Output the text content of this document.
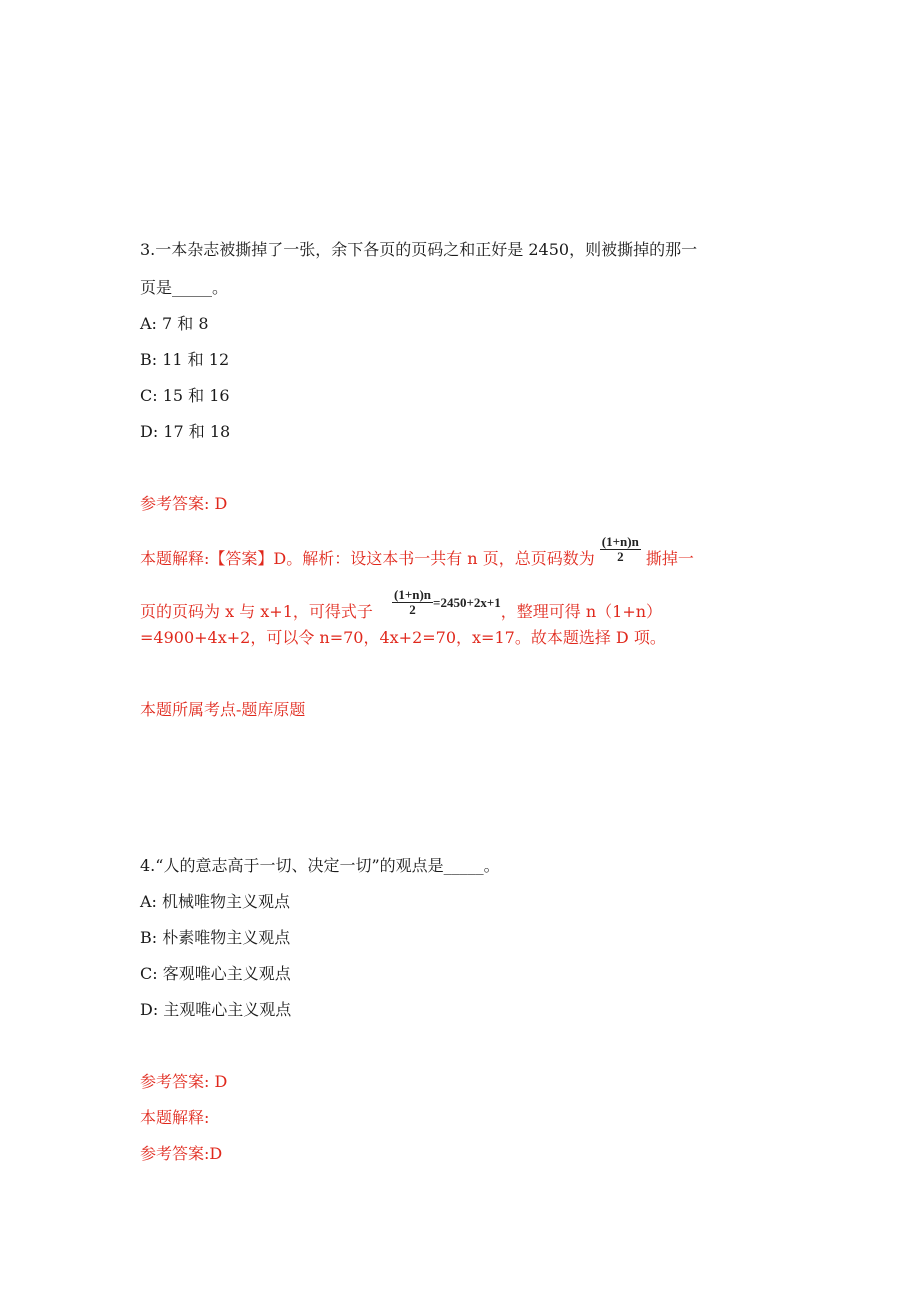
3.一本杂志被撕掉了一张，余下各页的页码之和正好是 2450，则被撕掉的那一
页是_____。
A: 7 和 8
B: 11 和 12
C: 15 和 16
D: 17 和 18
参考答案: D
本题解释:【答案】D。解析：设这本书一共有 n 页，总页码数为 $\frac{(1+n)n}{2}$ 撕掉一
页的页码为 x 与 x+1，可得式子 $\frac{(1+n)n}{2} ^{=2450+2x+1}$，整理可得 n（1+n）
=4900+4x+2，可以令 n=70，4x+2=70，x=17。故本题选择 D 项。
本题所属考点-题库原题
4.“人的意志高于一切、决定一切”的观点是_____。
A: 机械唯物主义观点
B: 朴素唯物主义观点
C: 客观唯心主义观点
D: 主观唯心主义观点
参考答案: D
本题解释:
参考答案:D
